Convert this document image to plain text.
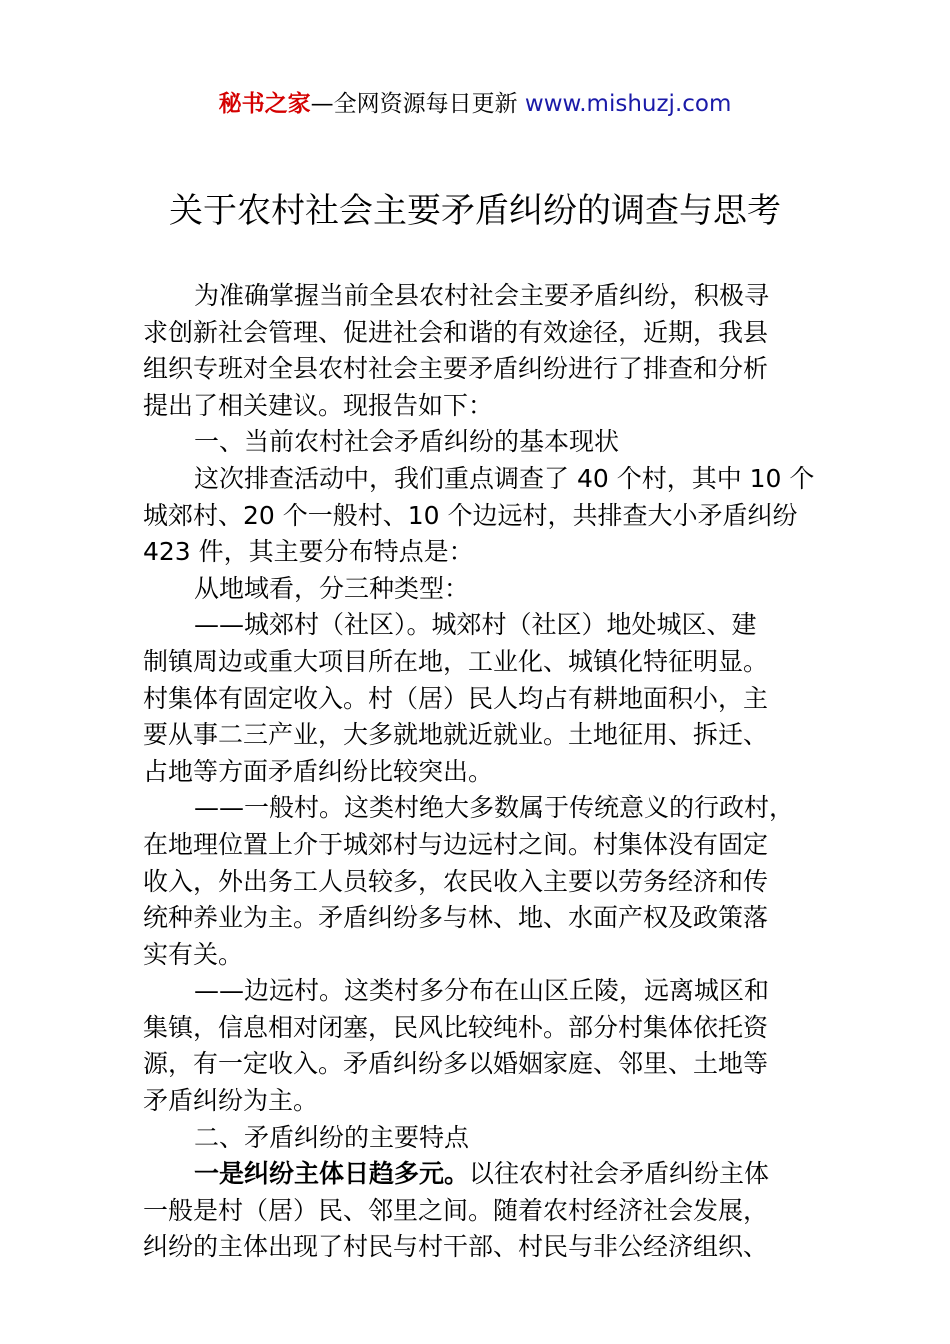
秘书之家—全网资源每日更新 www.mishuzj.com
关于农村社会主要矛盾纠纷的调查与思考
为准确掌握当前全县农村社会主要矛盾纠纷，积极寻
求创新社会管理、促进社会和谐的有效途径，近期，我县
组织专班对全县农村社会主要矛盾纠纷进行了排查和分析
提出了相关建议。现报告如下：
一、当前农村社会矛盾纠纷的基本现状
这次排查活动中，我们重点调查了 40 个村，其中 10 个
城郊村、20 个一般村、10 个边远村，共排查大小矛盾纠纷
423 件，其主要分布特点是：
从地域看，分三种类型：
——城郊村（社区）。城郊村（社区）地处城区、建
制镇周边或重大项目所在地，工业化、城镇化特征明显。
村集体有固定收入。村（居）民人均占有耕地面积小，主
要从事二三产业，大多就地就近就业。土地征用、拆迁、
占地等方面矛盾纠纷比较突出。
——一般村。这类村绝大多数属于传统意义的行政村，
在地理位置上介于城郊村与边远村之间。村集体没有固定
收入，外出务工人员较多，农民收入主要以劳务经济和传
统种养业为主。矛盾纠纷多与林、地、水面产权及政策落
实有关。
——边远村。这类村多分布在山区丘陵，远离城区和
集镇，信息相对闭塞，民风比较纯朴。部分村集体依托资
源，有一定收入。矛盾纠纷多以婚姻家庭、邻里、土地等
矛盾纠纷为主。
二、矛盾纠纷的主要特点
一是纠纷主体日趋多元。以往农村社会矛盾纠纷主体
一般是村（居）民、邻里之间。随着农村经济社会发展，
纠纷的主体出现了村民与村干部、村民与非公经济组织、
